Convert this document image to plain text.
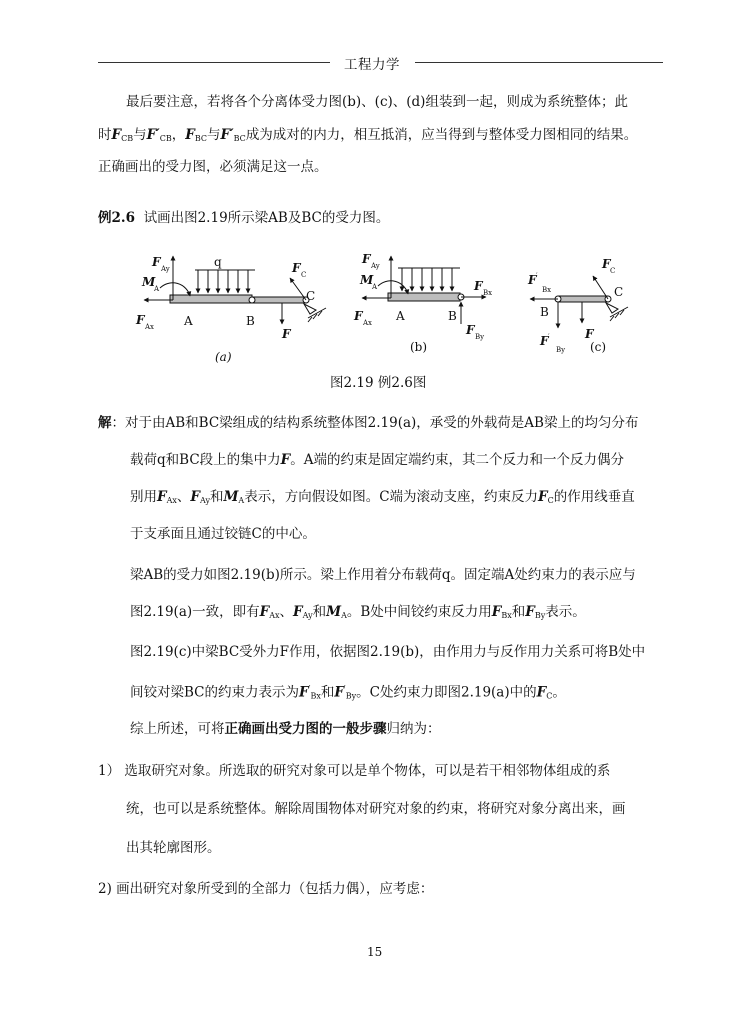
工程力学
最后要注意，若将各个分离体受力图(b)、(c)、(d)组装到一起，则成为系统整体；此
时$F_{CB}$与$F'_{CB}$，$F_{BC}$与$F'_{BC}$成为成对的内力，相互抵消，应当得到与整体受力图相同的结果。
正确画出的受力图，必须满足这一点。
例2.6 试画出图2.19所示梁AB及BC的受力图。
F Ay	q
M
A
F Ax A	B
C
F C
F
(a)
F Ay
M
A
F Ax A	B
F Bx
F By
(b)
F ′
Bx
B
F C
C
F
F ′
By (c)
图2.19 例2.6图
解：对于由AB和BC梁组成的结构系统整体图2.19(a)，承受的外载荷是AB梁上的均匀分布
载荷q和BC段上的集中力F。A端的约束是固定端约束，其二个反力和一个反力偶分
别用$F_{Ax}$、$F_{Ay}$和$M_A$表示，方向假设如图。C端为滚动支座，约束反力$F_C$的作用线垂直
于支承面且通过铰链C的中心。
梁AB的受力如图2.19(b)所示。梁上作用着分布载荷q。固定端A处约束力的表示应与
图2.19(a)一致，即有$F_{Ax}$、$F_{Ay}$和$M_A$。B处中间铰约束反力用$F_{Bx}$和$F_{By}$表示。
图2.19(c)中梁BC受外力F作用，依据图2.19(b)，由作用力与反作用力关系可将B处中
间铰对梁BC的约束力表示为$F'_{Bx}$和$F'_{By}$。C处约束力即图2.19(a)中的$F_C$。
综上所述，可将正确画出受力图的一般步骤归纳为：
1） 选取研究对象。所选取的研究对象可以是单个物体，可以是若干相邻物体组成的系
统，也可以是系统整体。解除周围物体对研究对象的约束，将研究对象分离出来，画
出其轮廓图形。
2) 画出研究对象所受到的全部力（包括力偶），应考虑：
15
